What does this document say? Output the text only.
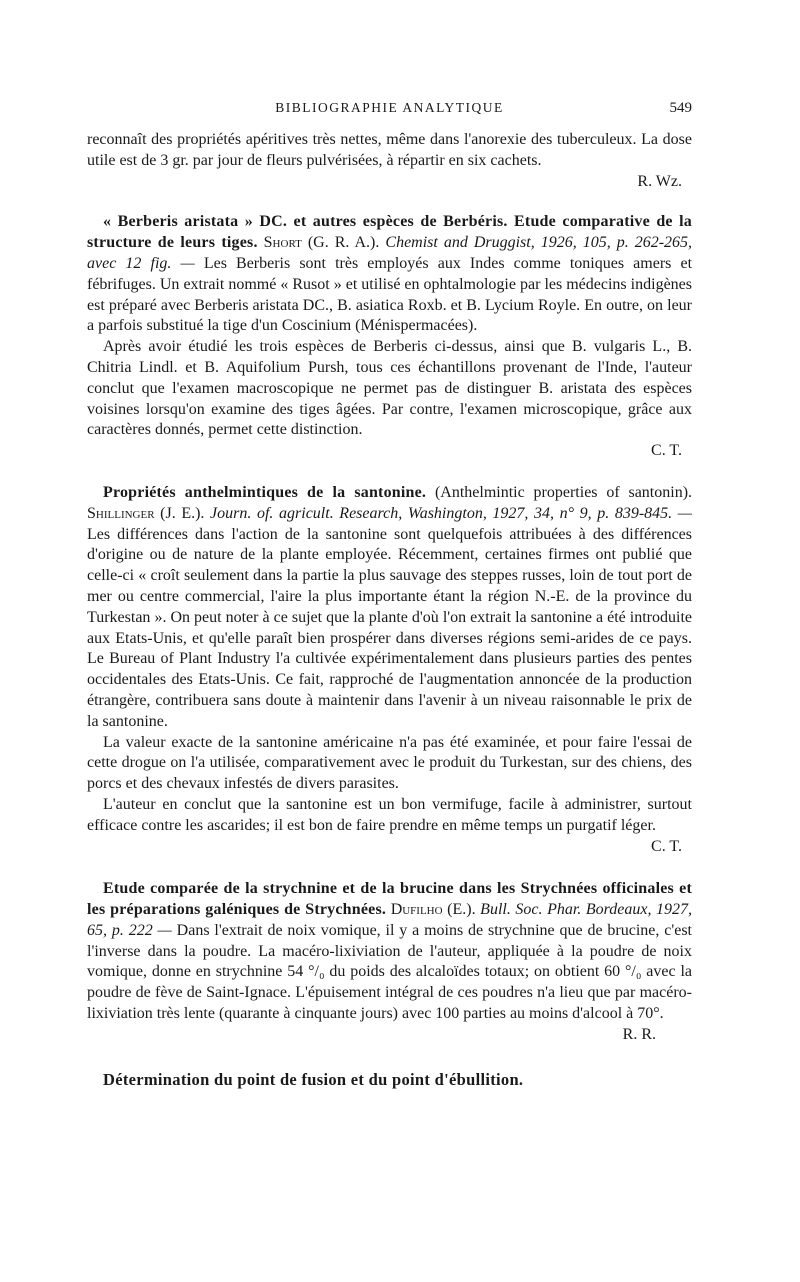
BIBLIOGRAPHIE ANALYTIQUE	549

reconnaît des propriétés apéritives très nettes, même dans l'anorexie des tuberculeux. La dose utile est de 3 gr. par jour de fleurs pulvérisées, à répartir en six cachets.

R. Wz.

« Berberis aristata » DC. et autres espèces de Berbéris. Etude comparative de la structure de leurs tiges. Short (G. R. A.). Chemist and Druggist, 1926, 105, p. 262-265, avec 12 fig. — Les Berberis sont très employés aux Indes comme toniques amers et fébrifuges. Un extrait nommé « Rusot » et utilisé en ophtalmologie par les médecins indigènes est préparé avec Berberis aristata DC., B. asiatica Roxb. et B. Lycium Royle. En outre, on leur a parfois substitué la tige d'un Coscinium (Ménispermacées).

Après avoir étudié les trois espèces de Berberis ci-dessus, ainsi que B. vulgaris L., B. Chitria Lindl. et B. Aquifolium Pursh, tous ces échantillons provenant de l'Inde, l'auteur conclut que l'examen macroscopique ne permet pas de distinguer B. aristata des espèces voisines lorsqu'on examine des tiges âgées. Par contre, l'examen microscopique, grâce aux caractères donnés, permet cette distinction.

C. T.

Propriétés anthelmintiques de la santonine. (Anthelmintic properties of santonin). Shillinger (J. E.). Journ. of. agricult. Research, Washington, 1927, 34, n° 9, p. 839-845. — Les différences dans l'action de la santonine sont quelquefois attribuées à des différences d'origine ou de nature de la plante employée. Récemment, certaines firmes ont publié que celle-ci « croît seulement dans la partie la plus sauvage des steppes russes, loin de tout port de mer ou centre commercial, l'aire la plus importante étant la région N.-E. de la province du Turkestan ». On peut noter à ce sujet que la plante d'où l'on extrait la santonine a été introduite aux Etats-Unis, et qu'elle paraît bien prospérer dans diverses régions semi-arides de ce pays. Le Bureau of Plant Industry l'a cultivée expérimentalement dans plusieurs parties des pentes occidentales des Etats-Unis. Ce fait, rapproché de l'augmentation annoncée de la production étrangère, contribuera sans doute à maintenir dans l'avenir à un niveau raisonnable le prix de la santonine.

La valeur exacte de la santonine américaine n'a pas été examinée, et pour faire l'essai de cette drogue on l'a utilisée, comparativement avec le produit du Turkestan, sur des chiens, des porcs et des chevaux infestés de divers parasites.

L'auteur en conclut que la santonine est un bon vermifuge, facile à administrer, surtout efficace contre les ascarides; il est bon de faire prendre en même temps un purgatif léger.

C. T.

Etude comparée de la strychnine et de la brucine dans les Strychnées officinales et les préparations galéniques de Strychnées. Dufilho (E.). Bull. Soc. Phar. Bordeaux, 1927, 65, p. 222 — Dans l'extrait de noix vomique, il y a moins de strychnine que de brucine, c'est l'inverse dans la poudre. La macéro-lixiviation de l'auteur, appliquée à la poudre de noix vomique, donne en strychnine 54 °/₀ du poids des alcaloïdes totaux; on obtient 60 °/₀ avec la poudre de fève de Saint-Ignace. L'épuisement intégral de ces poudres n'a lieu que par macéro-lixiviation très lente (quarante à cinquante jours) avec 100 parties au moins d'alcool à 70°.

R. R.

Détermination du point de fusion et du point d'ébullition.
